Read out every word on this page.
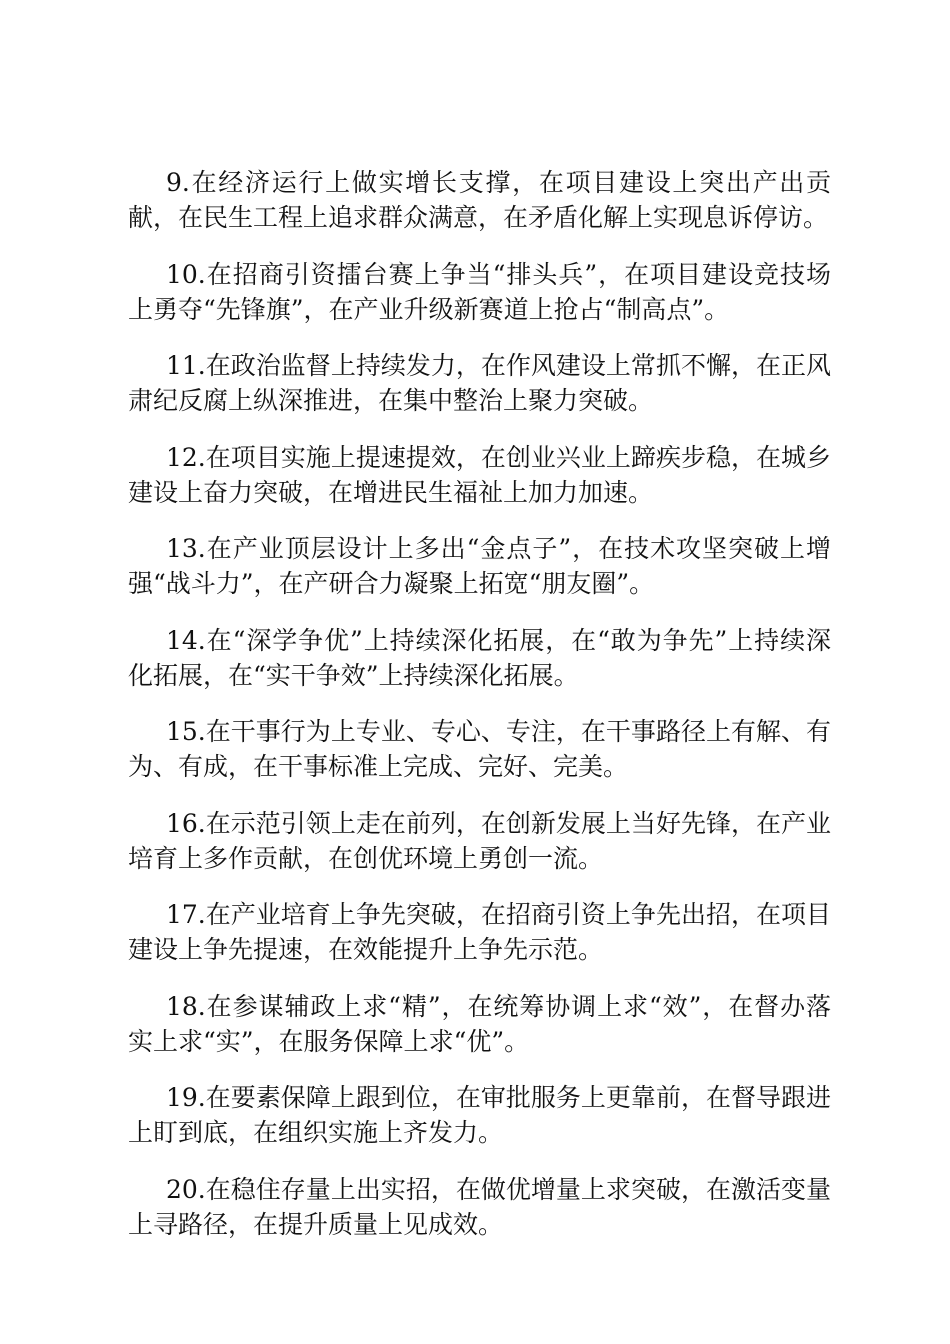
9.在经济运行上做实增长支撑，在项目建设上突出产出贡献，在民生工程上追求群众满意，在矛盾化解上实现息诉停访。

10.在招商引资擂台赛上争当“排头兵”，在项目建设竞技场上勇夺“先锋旗”，在产业升级新赛道上抢占“制高点”。

11.在政治监督上持续发力，在作风建设上常抓不懈，在正风肃纪反腐上纵深推进，在集中整治上聚力突破。

12.在项目实施上提速提效，在创业兴业上蹄疾步稳，在城乡建设上奋力突破，在增进民生福祉上加力加速。

13.在产业顶层设计上多出“金点子”，在技术攻坚突破上增强“战斗力”，在产研合力凝聚上拓宽“朋友圈”。

14.在“深学争优”上持续深化拓展，在“敢为争先”上持续深化拓展，在“实干争效”上持续深化拓展。

15.在干事行为上专业、专心、专注，在干事路径上有解、有为、有成，在干事标准上完成、完好、完美。

16.在示范引领上走在前列，在创新发展上当好先锋，在产业培育上多作贡献，在创优环境上勇创一流。

17.在产业培育上争先突破，在招商引资上争先出招，在项目建设上争先提速，在效能提升上争先示范。

18.在参谋辅政上求“精”，在统筹协调上求“效”，在督办落实上求“实”，在服务保障上求“优”。

19.在要素保障上跟到位，在审批服务上更靠前，在督导跟进上盯到底，在组织实施上齐发力。

20.在稳住存量上出实招，在做优增量上求突破，在激活变量上寻路径，在提升质量上见成效。
